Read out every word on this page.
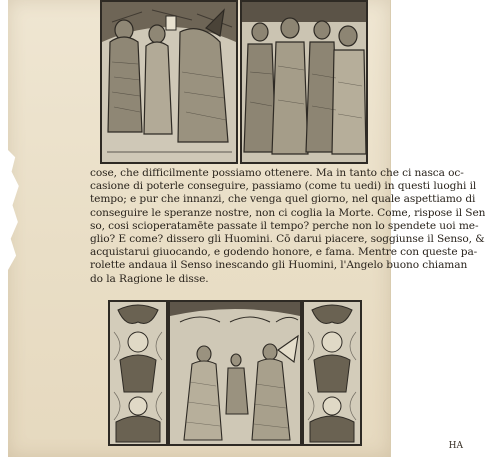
cose, che difficilmente possiamo ottenere. Ma in tanto che ci nasca oc-
casione di poterle conseguire, passiamo (come tu uedi) in questi luoghi il
tempo; e pur che innanzi, che venga quel giorno, nel quale aspettiamo di
conseguire le speranze nostre, non ci coglia la Morte. Come, rispose il Sen
so, cosi scioperatamēte passate il tempo? perche non lo spendete uoi me-
glio? E come? dissero gli Huomini. Cō darui piacere, soggiunse il Senso, &
acquistarui giuocando, e godendo honore, e fama. Mentre con queste pa-
rolette andaua il Senso inescando gli Huomini, l'Angelo buono chiaman
do la Ragione le disse.
HA
